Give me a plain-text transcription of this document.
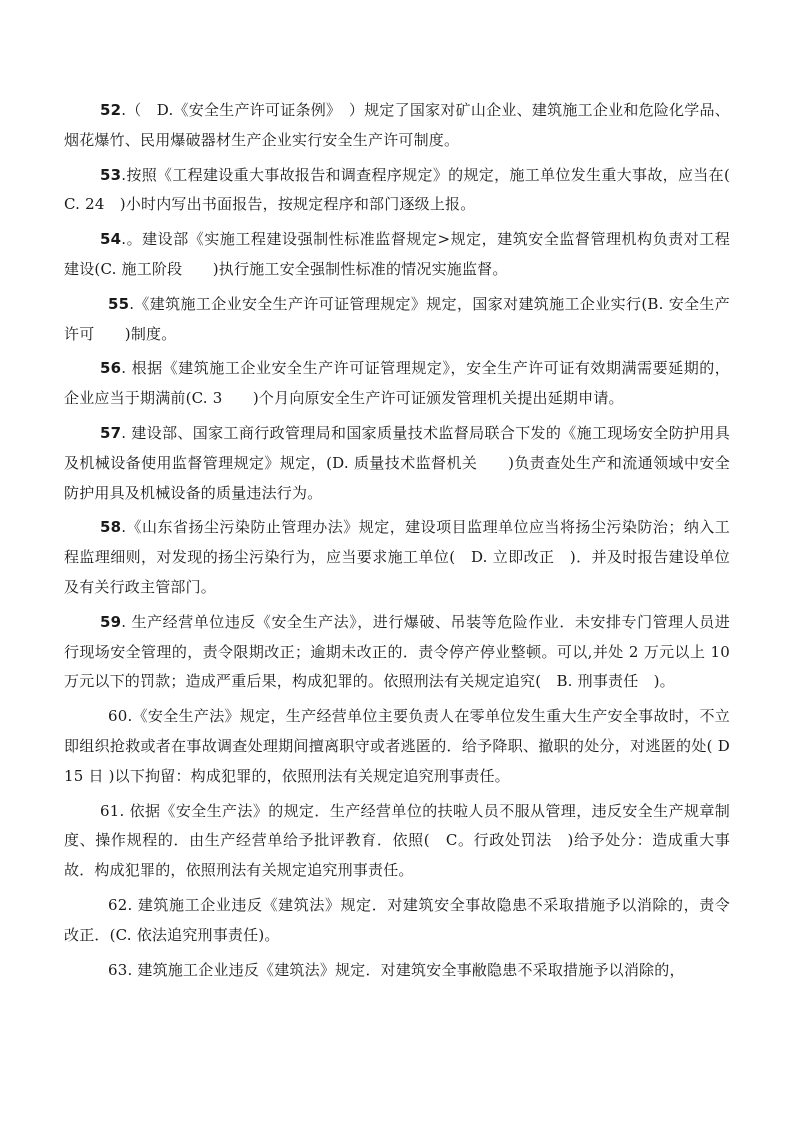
52.（　D.《安全生产许可证条例》　）规定了国家对矿山企业、建筑施工企业和危险化学品、烟花爆竹、民用爆破器材生产企业实行安全生产许可制度。

53.按照《工程建设重大事故报告和调查程序规定》的规定，施工单位发生重大事故，应当在(　C. 24　)小时内写出书面报告，按规定程序和部门逐级上报。

54.。建设部《实施工程建设强制性标准监督规定>规定，建筑安全监督管理机构负责对工程建设(C. 施工阶段　　)执行施工安全强制性标准的情况实施监督。

55.《建筑施工企业安全生产许可证管理规定》规定，国家对建筑施工企业实行(B. 安全生产许可　　)制度。

56. 根据《建筑施工企业安全生产许可证管理规定》，安全生产许可证有效期满需要延期的，企业应当于期满前(C. 3　　)个月向原安全生产许可证颁发管理机关提出延期申请。

57. 建设部、国家工商行政管理局和国家质量技术监督局联合下发的《施工现场安全防护用具及机械设备使用监督管理规定》规定，(D. 质量技术监督机关　　)负责查处生产和流通领域中安全防护用具及机械设备的质量违法行为。

58.《山东省扬尘污染防止管理办法》规定，建设项目监理单位应当将扬尘污染防治；纳入工程监理细则，对发现的扬尘污染行为，应当要求施工单位(　D. 立即改正　)．并及时报告建设单位及有关行政主管部门。

59. 生产经营单位违反《安全生产法》，进行爆破、吊装等危险作业．未安排专门管理人员进行现场安全管理的，责令限期改正；逾期未改正的．责令停产停业整顿。可以,并处 2 万元以上 10 万元以下的罚款；造成严重后果，构成犯罪的。依照刑法有关规定追究(　B. 刑事责任　)。

60.《安全生产法》规定，生产经营单位主要负责人在零单位发生重大生产安全事故时，不立即组织抢救或者在事故调查处理期间擅离职守或者逃匿的．给予降职、撤职的处分，对逃匿的处( D 15 日 )以下拘留：构成犯罪的，依照刑法有关规定追究刑事责任。

61. 依据《安全生产法》的规定．生产经营单位的扶啦人员不服从管理，违反安全生产规章制度、操作规程的．由生产经营单给予批评教育．依照(　C。行政处罚法　)给予处分：造成重大事故．构成犯罪的，依照刑法有关规定追究刑事责任。

62. 建筑施工企业违反《建筑法》规定．对建筑安全事故隐患不采取措施予以消除的，责令改正．(C. 依法追究刑事责任)。

63. 建筑施工企业违反《建筑法》规定．对建筑安全事敝隐患不采取措施予以消除的，
